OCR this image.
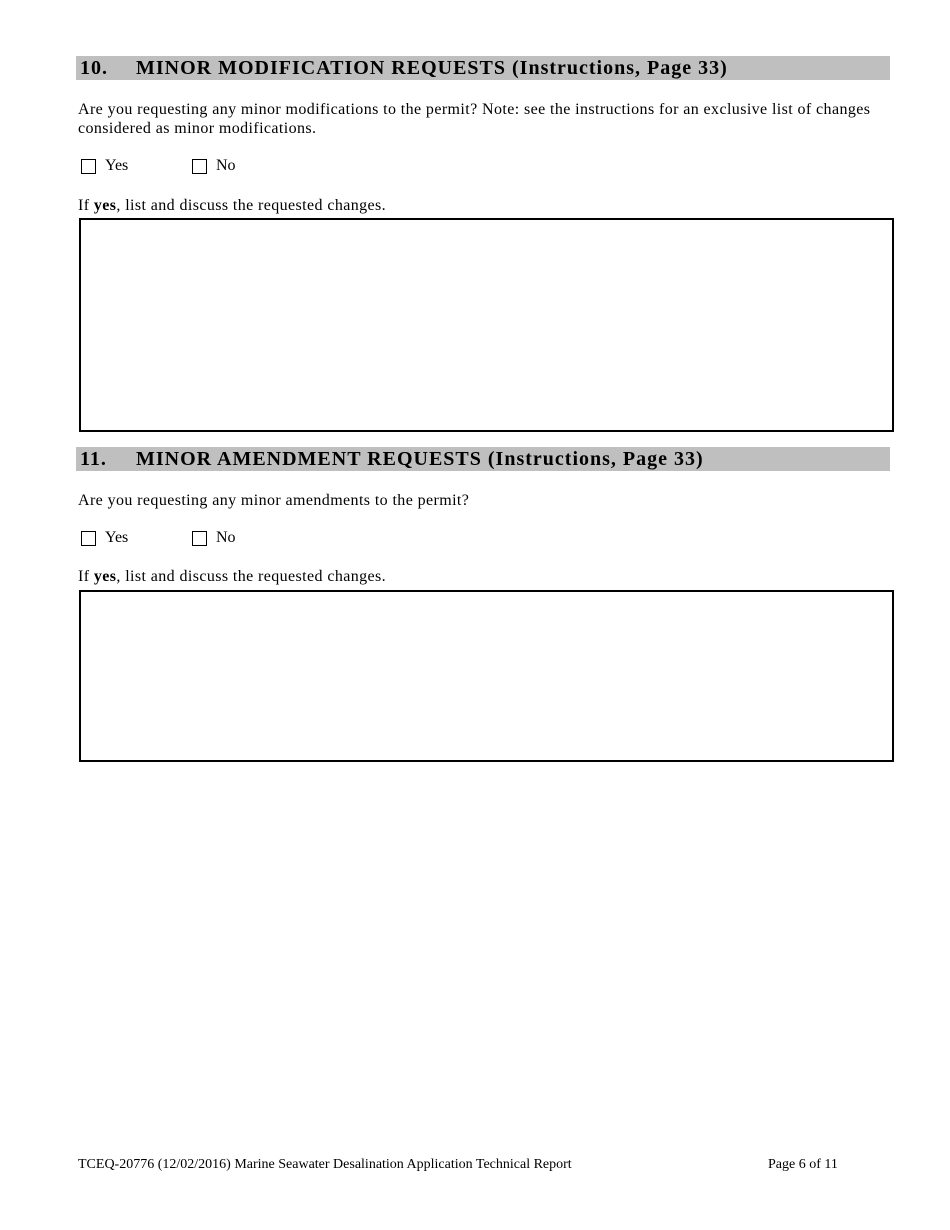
10. MINOR MODIFICATION REQUESTS (Instructions, Page 33)
Are you requesting any minor modifications to the permit? Note: see the instructions for an exclusive list of changes considered as minor modifications.
Yes	No
If yes, list and discuss the requested changes.
11. MINOR AMENDMENT REQUESTS (Instructions, Page 33)
Are you requesting any minor amendments to the permit?
Yes	No
If yes, list and discuss the requested changes.
TCEQ-20776 (12/02/2016) Marine Seawater Desalination Application Technical Report	Page 6 of 11
